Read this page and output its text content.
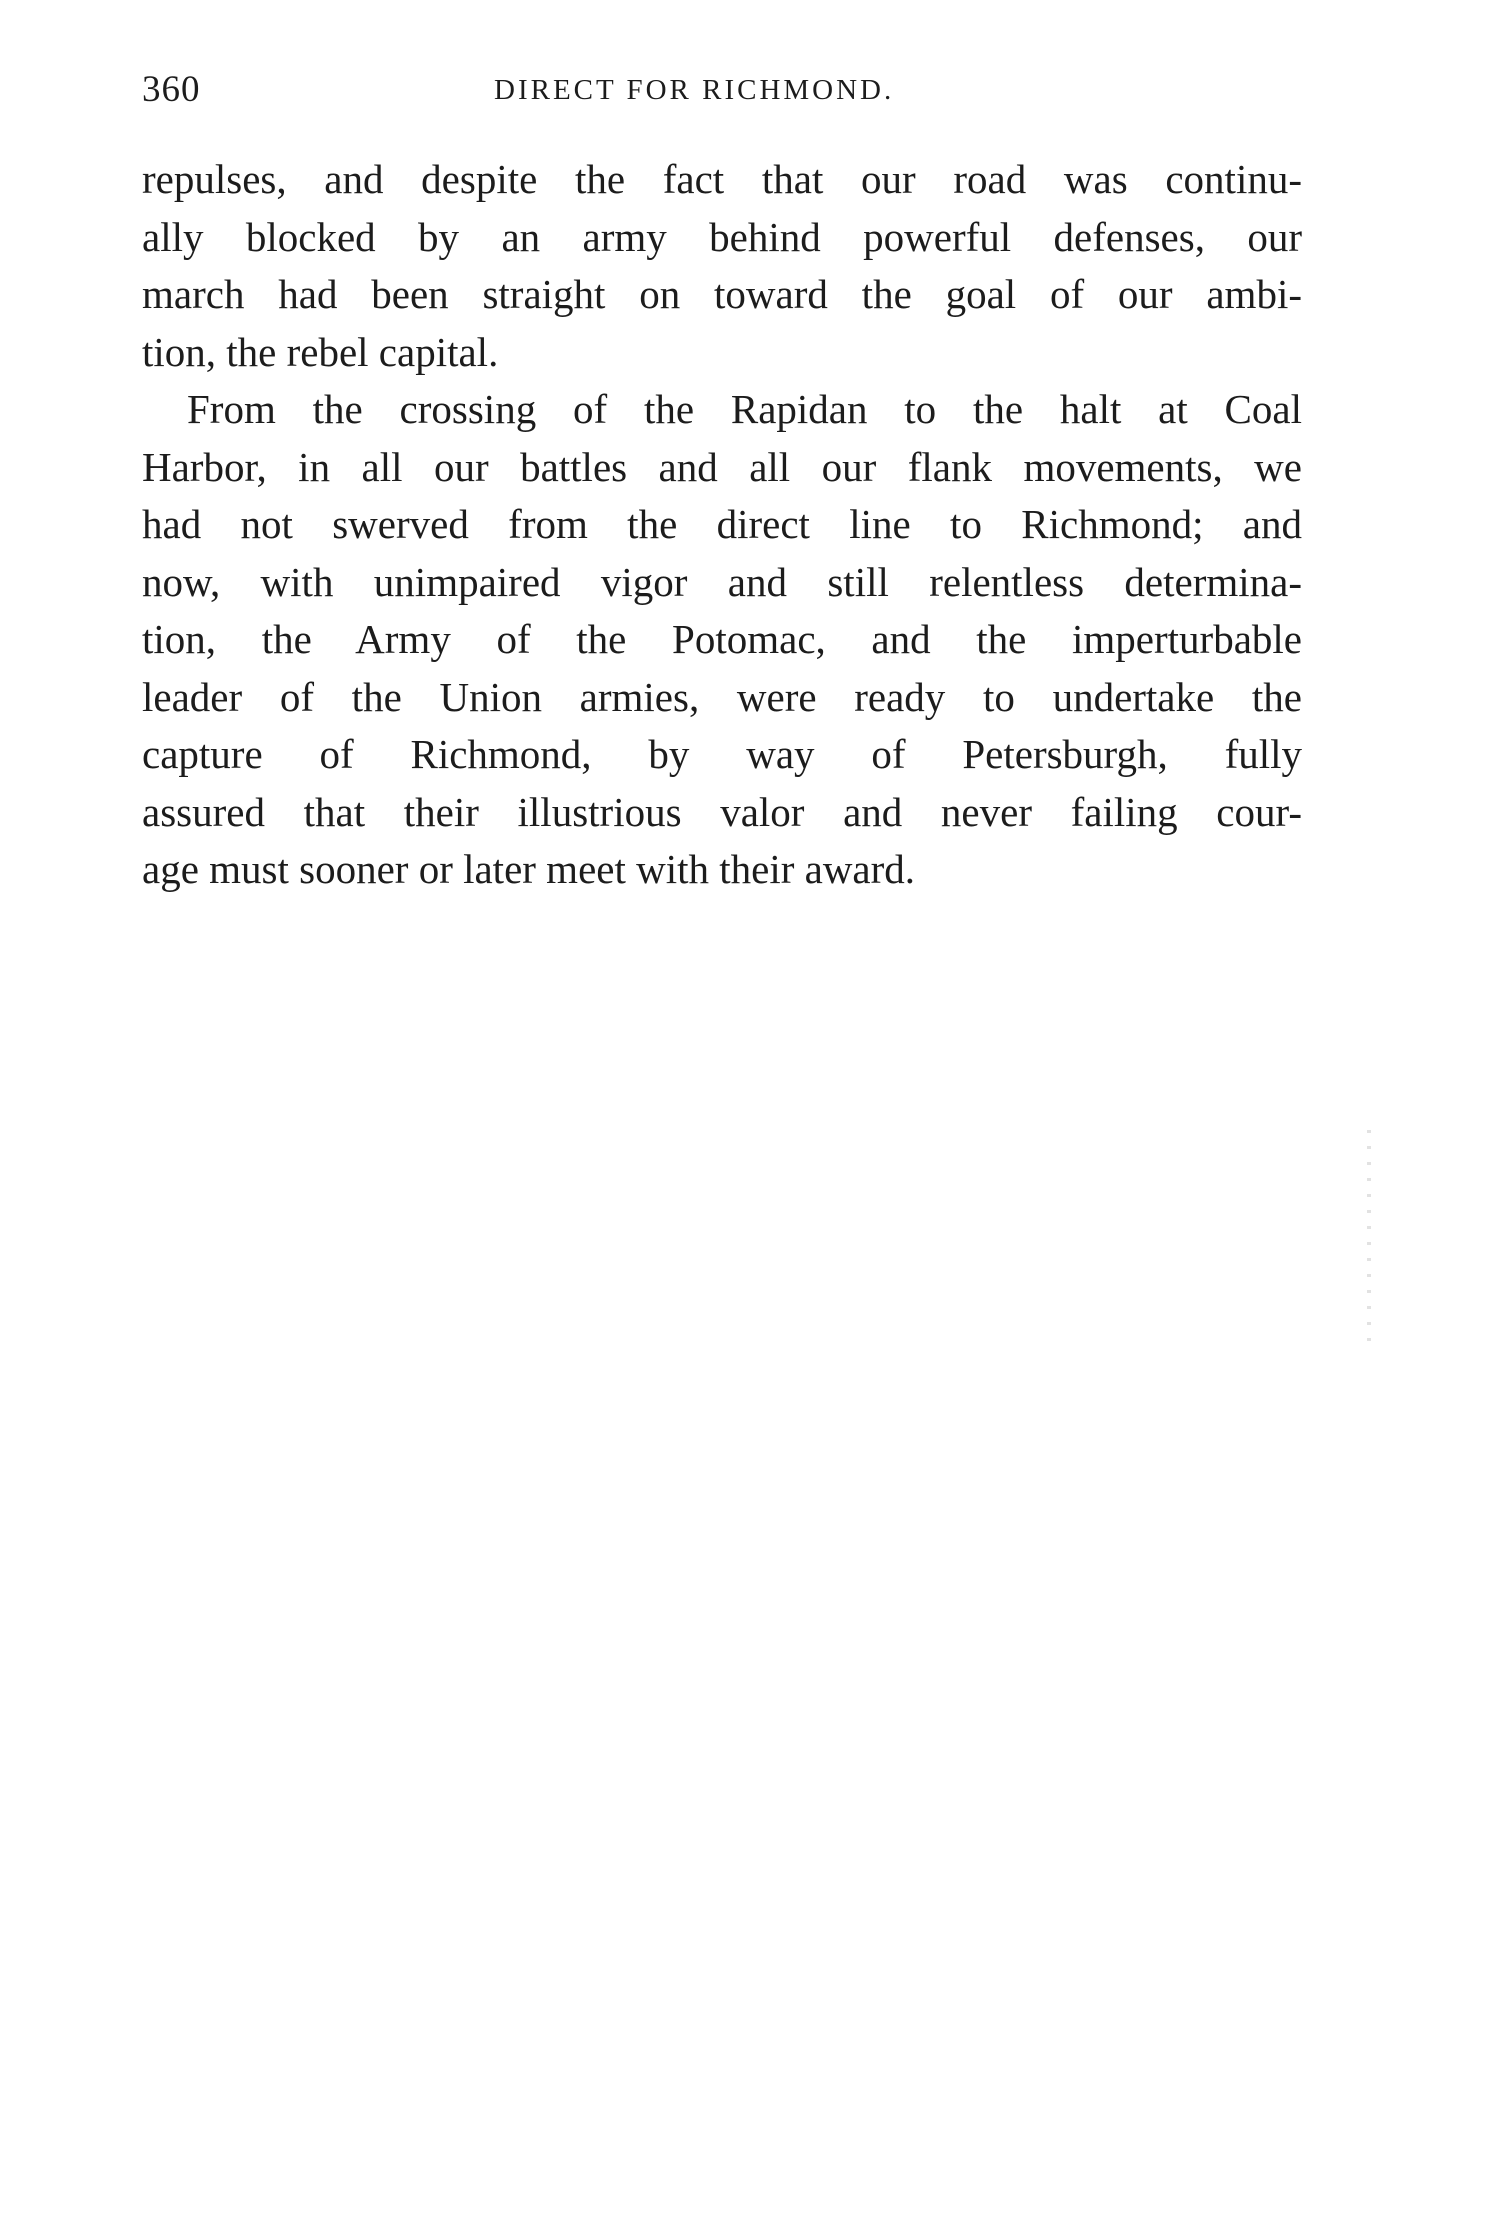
360	DIRECT FOR RICHMOND.
repulses, and despite the fact that our road was continu-
ally blocked by an army behind powerful defenses, our
march had been straight on toward the goal of our ambi-
tion, the rebel capital.
From the crossing of the Rapidan to the halt at Coal
Harbor, in all our battles and all our flank movements, we
had not swerved from the direct line to Richmond; and
now, with unimpaired vigor and still relentless determina-
tion, the Army of the Potomac, and the imperturbable
leader of the Union armies, were ready to undertake the
capture of Richmond, by way of Petersburgh, fully
assured that their illustrious valor and never failing cour-
age must sooner or later meet with their award.
